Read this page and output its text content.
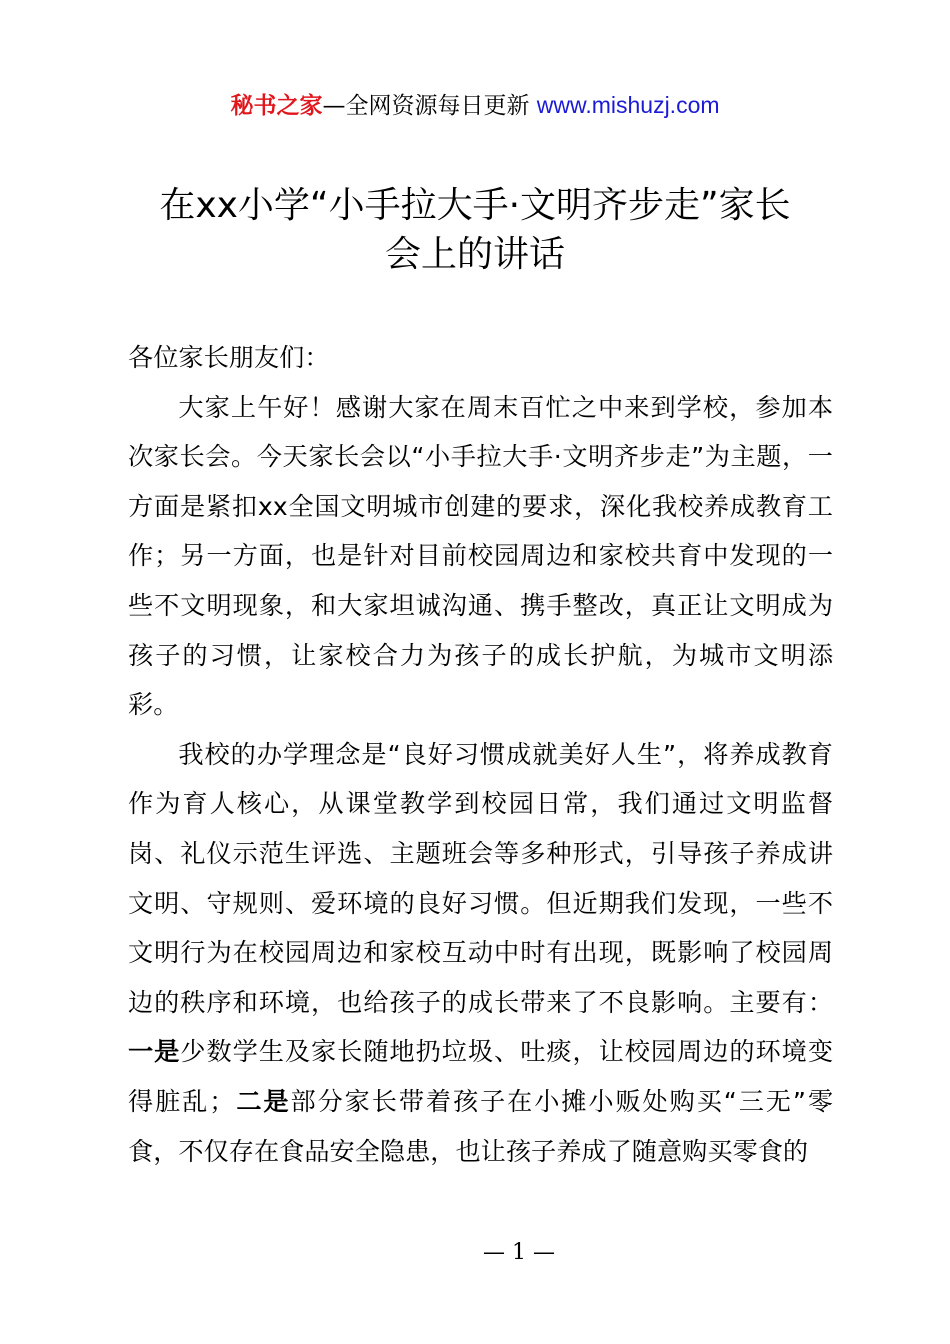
秘书之家—全网资源每日更新 www.mishuzj.com
在xx小学“小手拉大手·文明齐步走”家长
会上的讲话

各位家长朋友们：

大家上午好！感谢大家在周末百忙之中来到学校，参加本次家长会。今天家长会以“小手拉大手·文明齐步走”为主题，一方面是紧扣xx全国文明城市创建的要求，深化我校养成教育工作；另一方面，也是针对目前校园周边和家校共育中发现的一些不文明现象，和大家坦诚沟通、携手整改，真正让文明成为孩子的习惯，让家校合力为孩子的成长护航，为城市文明添彩。

我校的办学理念是“良好习惯成就美好人生”，将养成教育作为育人核心，从课堂教学到校园日常，我们通过文明监督岗、礼仪示范生评选、主题班会等多种形式，引导孩子养成讲文明、守规则、爱环境的良好习惯。但近期我们发现，一些不文明行为在校园周边和家校互动中时有出现，既影响了校园周边的秩序和环境，也给孩子的成长带来了不良影响。主要有：一是少数学生及家长随地扔垃圾、吐痰，让校园周边的环境变得脏乱；二是部分家长带着孩子在小摊小贩处购买“三无”零食，不仅存在食品安全隐患，也让孩子养成了随意购买零食的

— 1 —
